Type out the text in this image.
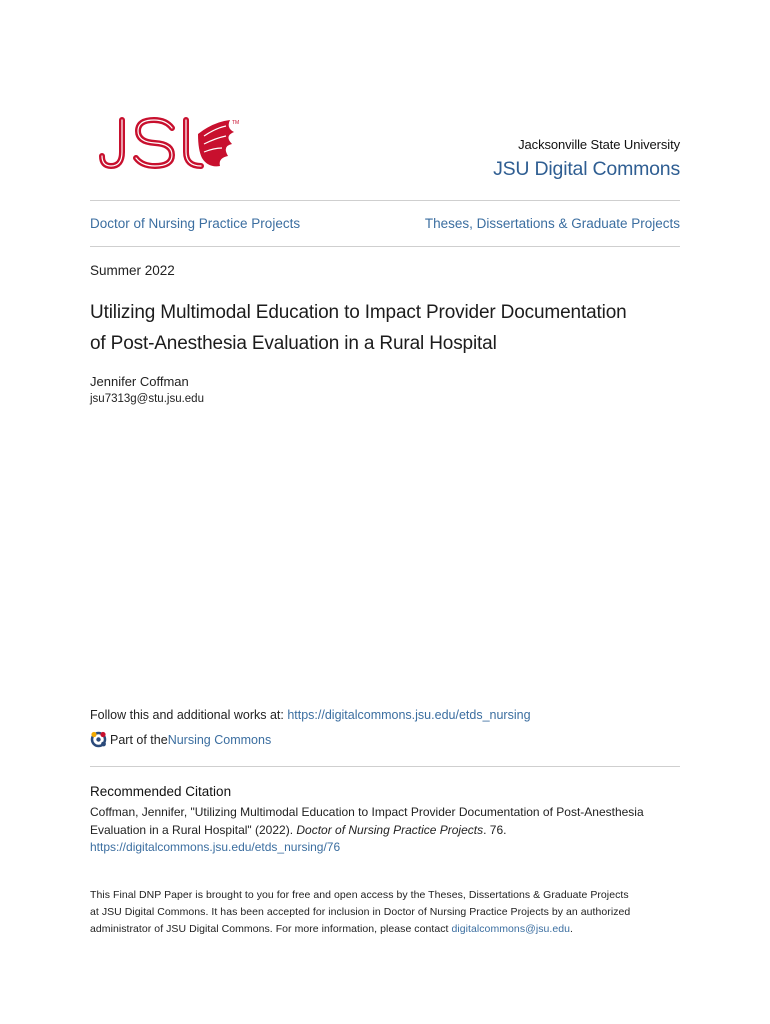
TM
Jacksonville State University
JSU Digital Commons
Doctor of Nursing Practice Projects	Theses, Dissertations & Graduate Projects
Summer 2022
Utilizing Multimodal Education to Impact Provider Documentation
of Post-Anesthesia Evaluation in a Rural Hospital
Jennifer Coffman
jsu7313g@stu.jsu.edu
Follow this and additional works at: https://digitalcommons.jsu.edu/etds_nursing
Part of the Nursing Commons
Recommended Citation
Coffman, Jennifer, "Utilizing Multimodal Education to Impact Provider Documentation of Post-Anesthesia
Evaluation in a Rural Hospital" (2022). Doctor of Nursing Practice Projects. 76.
https://digitalcommons.jsu.edu/etds_nursing/76
This Final DNP Paper is brought to you for free and open access by the Theses, Dissertations & Graduate Projects
at JSU Digital Commons. It has been accepted for inclusion in Doctor of Nursing Practice Projects by an authorized
administrator of JSU Digital Commons. For more information, please contact digitalcommons@jsu.edu.
